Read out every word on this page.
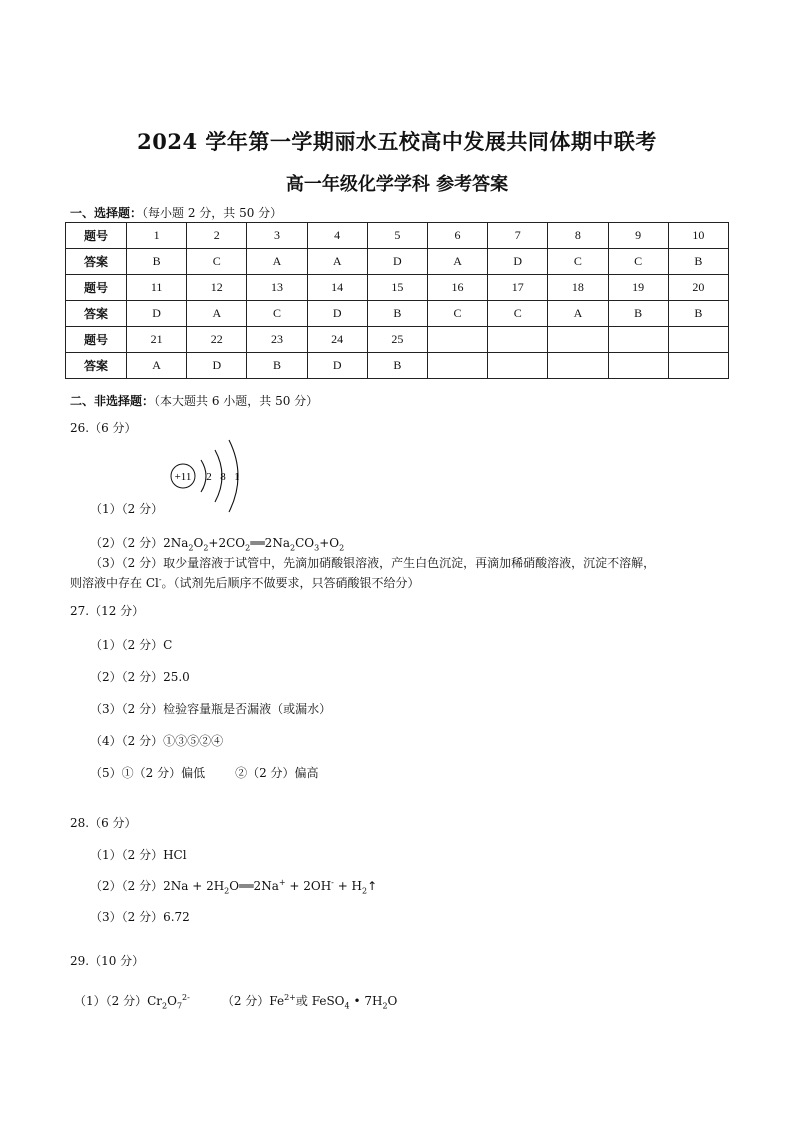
2024 学年第一学期丽水五校高中发展共同体期中联考
高一年级化学学科 参考答案
一、选择题：（每小题 2 分，共 50 分）
题号	1	2	3	4	5	6	7	8	9	10
答案	B	C	A	A	D	A	D	C	C	B
题号	11	12	13	14	15	16	17	18	19	20
答案	D	A	C	D	B	C	C	A	B	B
题号	21	22	23	24	25					
答案	A	D	B	D	B					
二、非选择题：（本大题共 6 小题，共 50 分）
26.（6 分）
+11 2 8 1
（1）（2 分）
（2）（2 分）$2Na_2O_2+2CO_2══2Na_2CO_3+O_2$
（3）（2 分）取少量溶液于试管中，先滴加硝酸银溶液，产生白色沉淀，再滴加稀硝酸溶液，沉淀不溶解，
则溶液中存在 Cl-。（试剂先后顺序不做要求，只答硝酸银不给分）
27.（12 分）
（1）（2 分）C
（2）（2 分）25.0
（3）（2 分）检验容量瓶是否漏液（或漏水）
（4）（2 分）①③⑤②④
（5）①（2 分）偏低	②（2 分）偏高
28.（6 分）
（1）（2 分）HCl
（2）（2 分）$2Na + 2H_2O══2Na^+ + 2OH^-$ + $H_2↑$
（3）（2 分）6.72
29.（10 分）
（1）（2 分）$Cr_2O_7^{2-}$	（2 分）$Fe^{2+}$或 FeSO$_4$ • $7H_2O$
